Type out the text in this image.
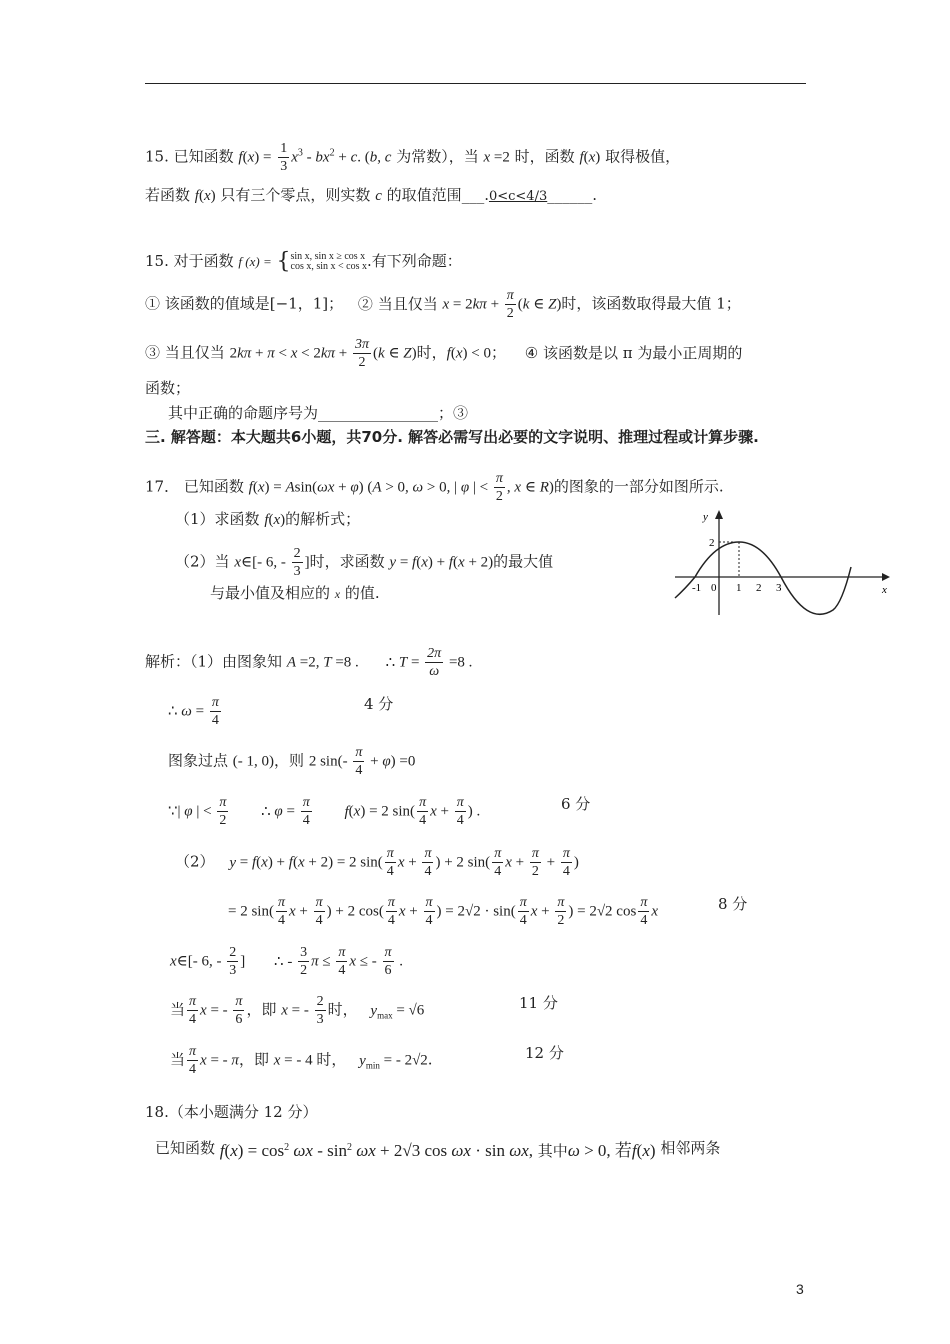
15. 已知函数 $f(x) = \frac{1}{3} x^3 - bx^2 + c$. (b, c 为常数），当 x =2 时，函数 f(x) 取得极值，
若函数 f(x) 只有三个零点，则实数 c 的取值范围___.0<c<4/3______.
15. 对于函数 f (x) = {sin x, sin x ≥ cos x
cos x, sin x < cos x.有下列命题：
① 该函数的值域是[−1，1]； ② 当且仅当 $x = 2k\pi + \frac{\pi}{2} (k$ ∈ Z)时，该函数取得最大值 1；
③ 当且仅当 $2k\pi + \pi < x < 2k\pi + \frac{3\pi}{2} (k$ ∈ Z)时，f(x) < 0； ④ 该函数是以 π 为最小正周期的
函数；
其中正确的命题序号为________________；③
三. 解答题：本大题共6小题，共70分. 解答必需写出必要的文字说明、推理过程或计算步骤.
17． 已知函数 f(x) = Asin(ωx + φ) (A > 0, ω > 0, | φ | < $\frac{\pi}{2}$ , x ∈ R)的图象的一部分如图所示.
（1）求函数 f(x)的解析式；
（2）当 x∈[- 6, - $\frac{2}{3}$ ]时，求函数 y = f(x) + f(x + 2)的最大值
与最小值及相应的 x 的值.
y
x
2
-1 0 1 2 3
解析：（1）由图象知 A =2, T =8 . ∴ $T = \frac{2\pi}{\omega} =8$ .
∴ $\omega = \frac{\pi}{4}$	4 分
图象过点 (- 1, 0)，则 2 $\sin(- \frac{\pi}{4} + \varphi) =0$
∵| φ | < $\frac{\pi}{2}$ ∴ $\varphi = \frac{\pi}{4} f(x) = 2$ $\sin( \frac{\pi}{4}$ $x + \frac{\pi}{4}$ ) .	6 分
（2） y = f(x) + f(x + 2) = 2 $\sin( \frac{\pi}{4}$ $x + \frac{\pi}{4}$ ) + 2 $\sin( \frac{\pi}{4}$ $x + \frac{\pi}{2} + \frac{\pi}{4}$ )
= 2 $\sin( \frac{\pi}{4}$ $x + \frac{\pi}{4}$ ) + 2 $\cos( \frac{\pi}{4}$ $x + \frac{\pi}{4}$ ) = $2√2 \cdot \sin( \frac{\pi}{4}$ $x + \frac{\pi}{2}$ ) = 2√2 $\cos \frac{\pi}{4}$ x	8 分
x∈[- 6, - $\frac{2}{3}$ ] ∴ - $\frac{3}{2}$ $\pi \le \frac{\pi}{4}$ x ≤ - $\frac{\pi}{6}$ .
当 $\frac{\pi}{4}$ x = - $\frac{\pi}{6}$ ，即 x = - $\frac{2}{3}$ 时， $y_{max} = √6$	11 分
当 $\frac{\pi}{4}$ x = - π，即 x = - 4 时， $y_{min}$ = - 2√2.	12 分
18.（本小题满分 12 分）
已知函数 $f(x) = \cos^2 \omega x - \sin^2 \omega x + 2√3$ cos ωx · sin ωx, 其中ω > 0, 若f(x) 相邻两条
3
